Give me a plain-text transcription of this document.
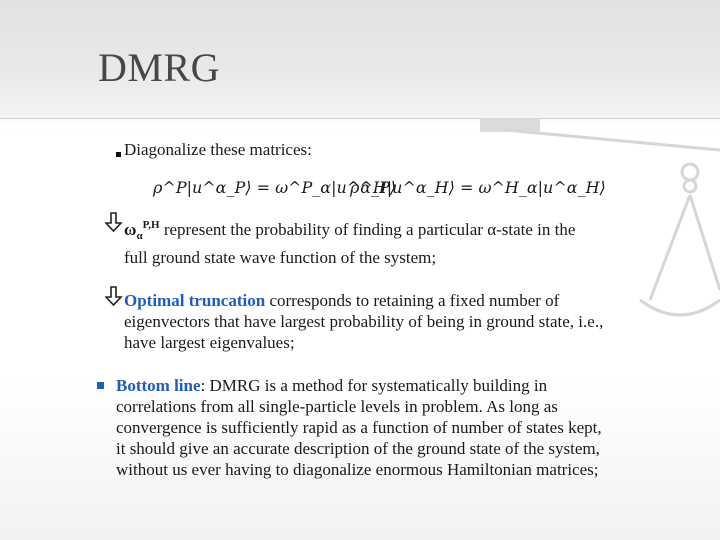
DMRG
Diagonalize these matrices:
ρ^P|u^α_P⟩ = ω^P_α|u^α_P⟩
ρ^H|u^α_H⟩ = ω^H_α|u^α_H⟩
$\omega_\alpha^{P,H}$ represent the probability of finding a particular α-state in the
full ground state wave function of the system;
Optimal truncation corresponds to retaining a fixed number of
eigenvectors that have largest probability of being in ground state, i.e.,
have largest eigenvalues;
Bottom line: DMRG is a method for systematically building in
correlations from all single-particle levels in problem. As long as
convergence is sufficiently rapid as a function of number of states kept,
it should give an accurate description of the ground state of the system,
without us ever having to diagonalize enormous Hamiltonian matrices;
